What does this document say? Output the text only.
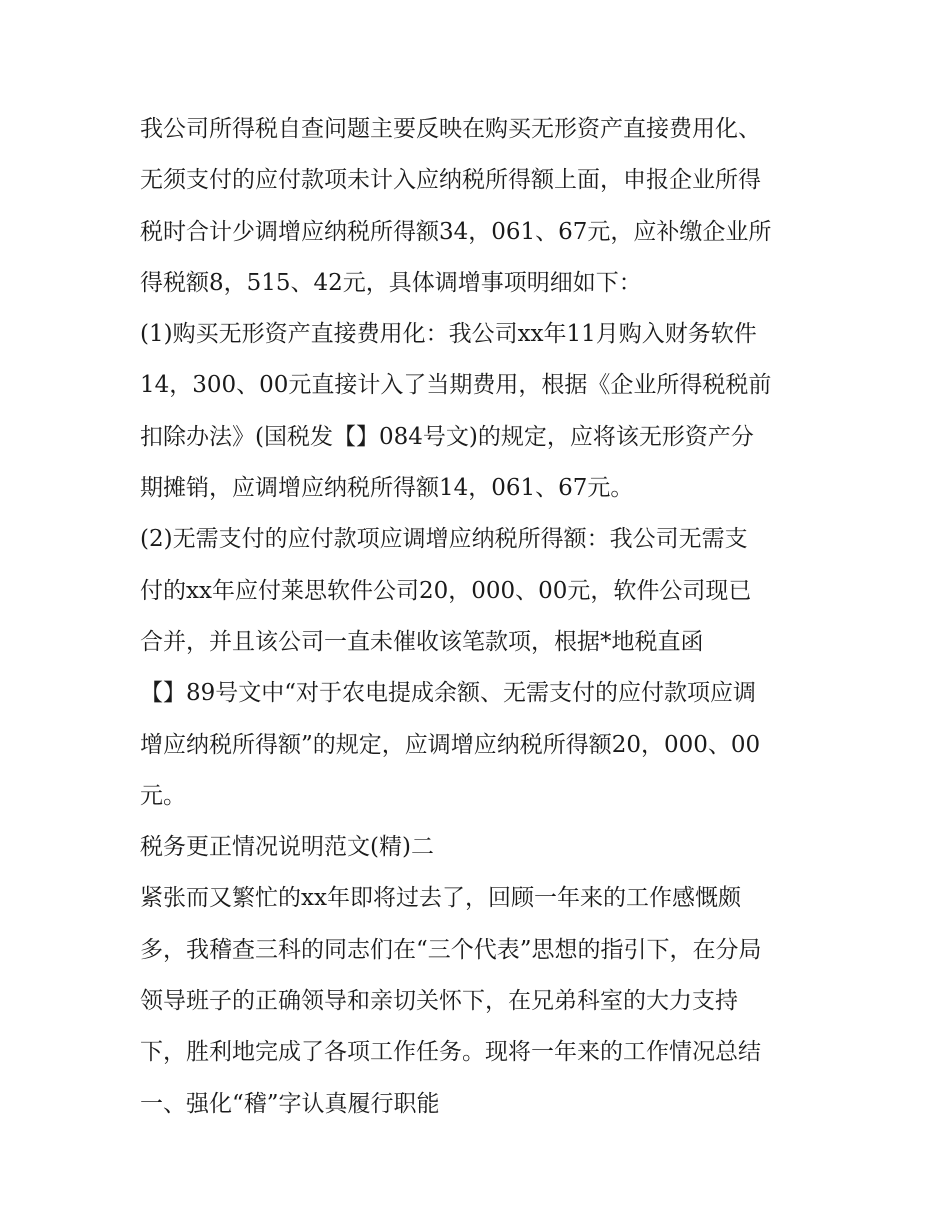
我公司所得税自查问题主要反映在购买无形资产直接费用化、
无须支付的应付款项未计入应纳税所得额上面，申报企业所得
税时合计少调增应纳税所得额34，061、67元，应补缴企业所
得税额8，515、42元，具体调增事项明细如下：
(1)购买无形资产直接费用化：我公司xx年11月购入财务软件
14，300、00元直接计入了当期费用，根据《企业所得税税前
扣除办法》(国税发【】084号文)的规定，应将该无形资产分
期摊销，应调增应纳税所得额14，061、67元。
(2)无需支付的应付款项应调增应纳税所得额：我公司无需支
付的xx年应付莱思软件公司20，000、00元，软件公司现已
合并，并且该公司一直未催收该笔款项，根据*地税直函
【】89号文中“对于农电提成余额、无需支付的应付款项应调
增应纳税所得额”的规定，应调增应纳税所得额20，000、00
元。
税务更正情况说明范文(精)二
紧张而又繁忙的xx年即将过去了，回顾一年来的工作感慨颇
多，我稽查三科的同志们在“三个代表”思想的指引下，在分局
领导班子的正确领导和亲切关怀下，在兄弟科室的大力支持
下，胜利地完成了各项工作任务。现将一年来的工作情况总结
一、强化“稽”字认真履行职能
